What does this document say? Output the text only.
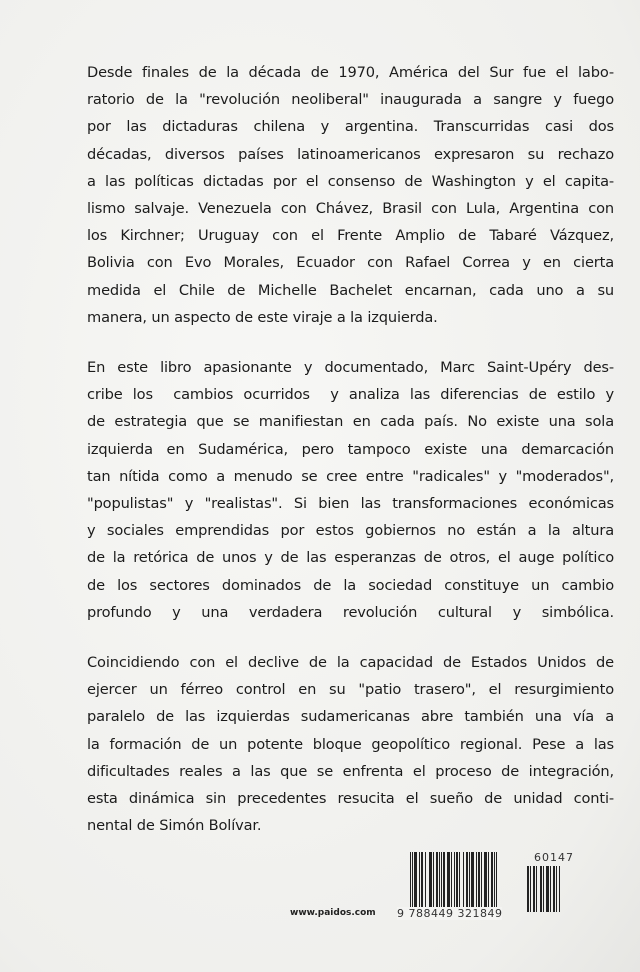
Desde finales de la década de 1970, América del Sur fue el labo-
ratorio de la "revolución neoliberal" inaugurada a sangre y fuego
por las dictaduras chilena y argentina. Transcurridas casi dos
décadas, diversos países latinoamericanos expresaron su rechazo
a las políticas dictadas por el consenso de Washington y el capita-
lismo salvaje. Venezuela con Chávez, Brasil con Lula, Argentina con
los Kirchner; Uruguay con el Frente Amplio de Tabaré Vázquez,
Bolivia con Evo Morales, Ecuador con Rafael Correa y en cierta
medida el Chile de Michelle Bachelet encarnan, cada uno a su
manera, un aspecto de este viraje a la izquierda.
En este libro apasionante y documentado, Marc Saint-Upéry des-
cribe los  cambios ocurridos  y analiza las diferencias de estilo y
de estrategia que se manifiestan en cada país. No existe una sola
izquierda en Sudamérica, pero tampoco existe una demarcación
tan nítida como a menudo se cree entre "radicales" y "moderados",
"populistas" y "realistas". Si bien las transformaciones económicas
y sociales emprendidas por estos gobiernos no están a la altura
de la retórica de unos y de las esperanzas de otros, el auge político
de los sectores dominados de la sociedad constituye un cambio
profundo y una verdadera revolución cultural y simbólica.
Coincidiendo con el declive de la capacidad de Estados Unidos de
ejercer un férreo control en su "patio trasero", el resurgimiento
paralelo de las izquierdas sudamericanas abre también una vía a
la formación de un potente bloque geopolítico regional. Pese a las
dificultades reales a las que se enfrenta el proceso de integración,
esta dinámica sin precedentes resucita el sueño de unidad conti-
nental de Simón Bolívar.
www.paidos.com 9 788449 321849
60147
